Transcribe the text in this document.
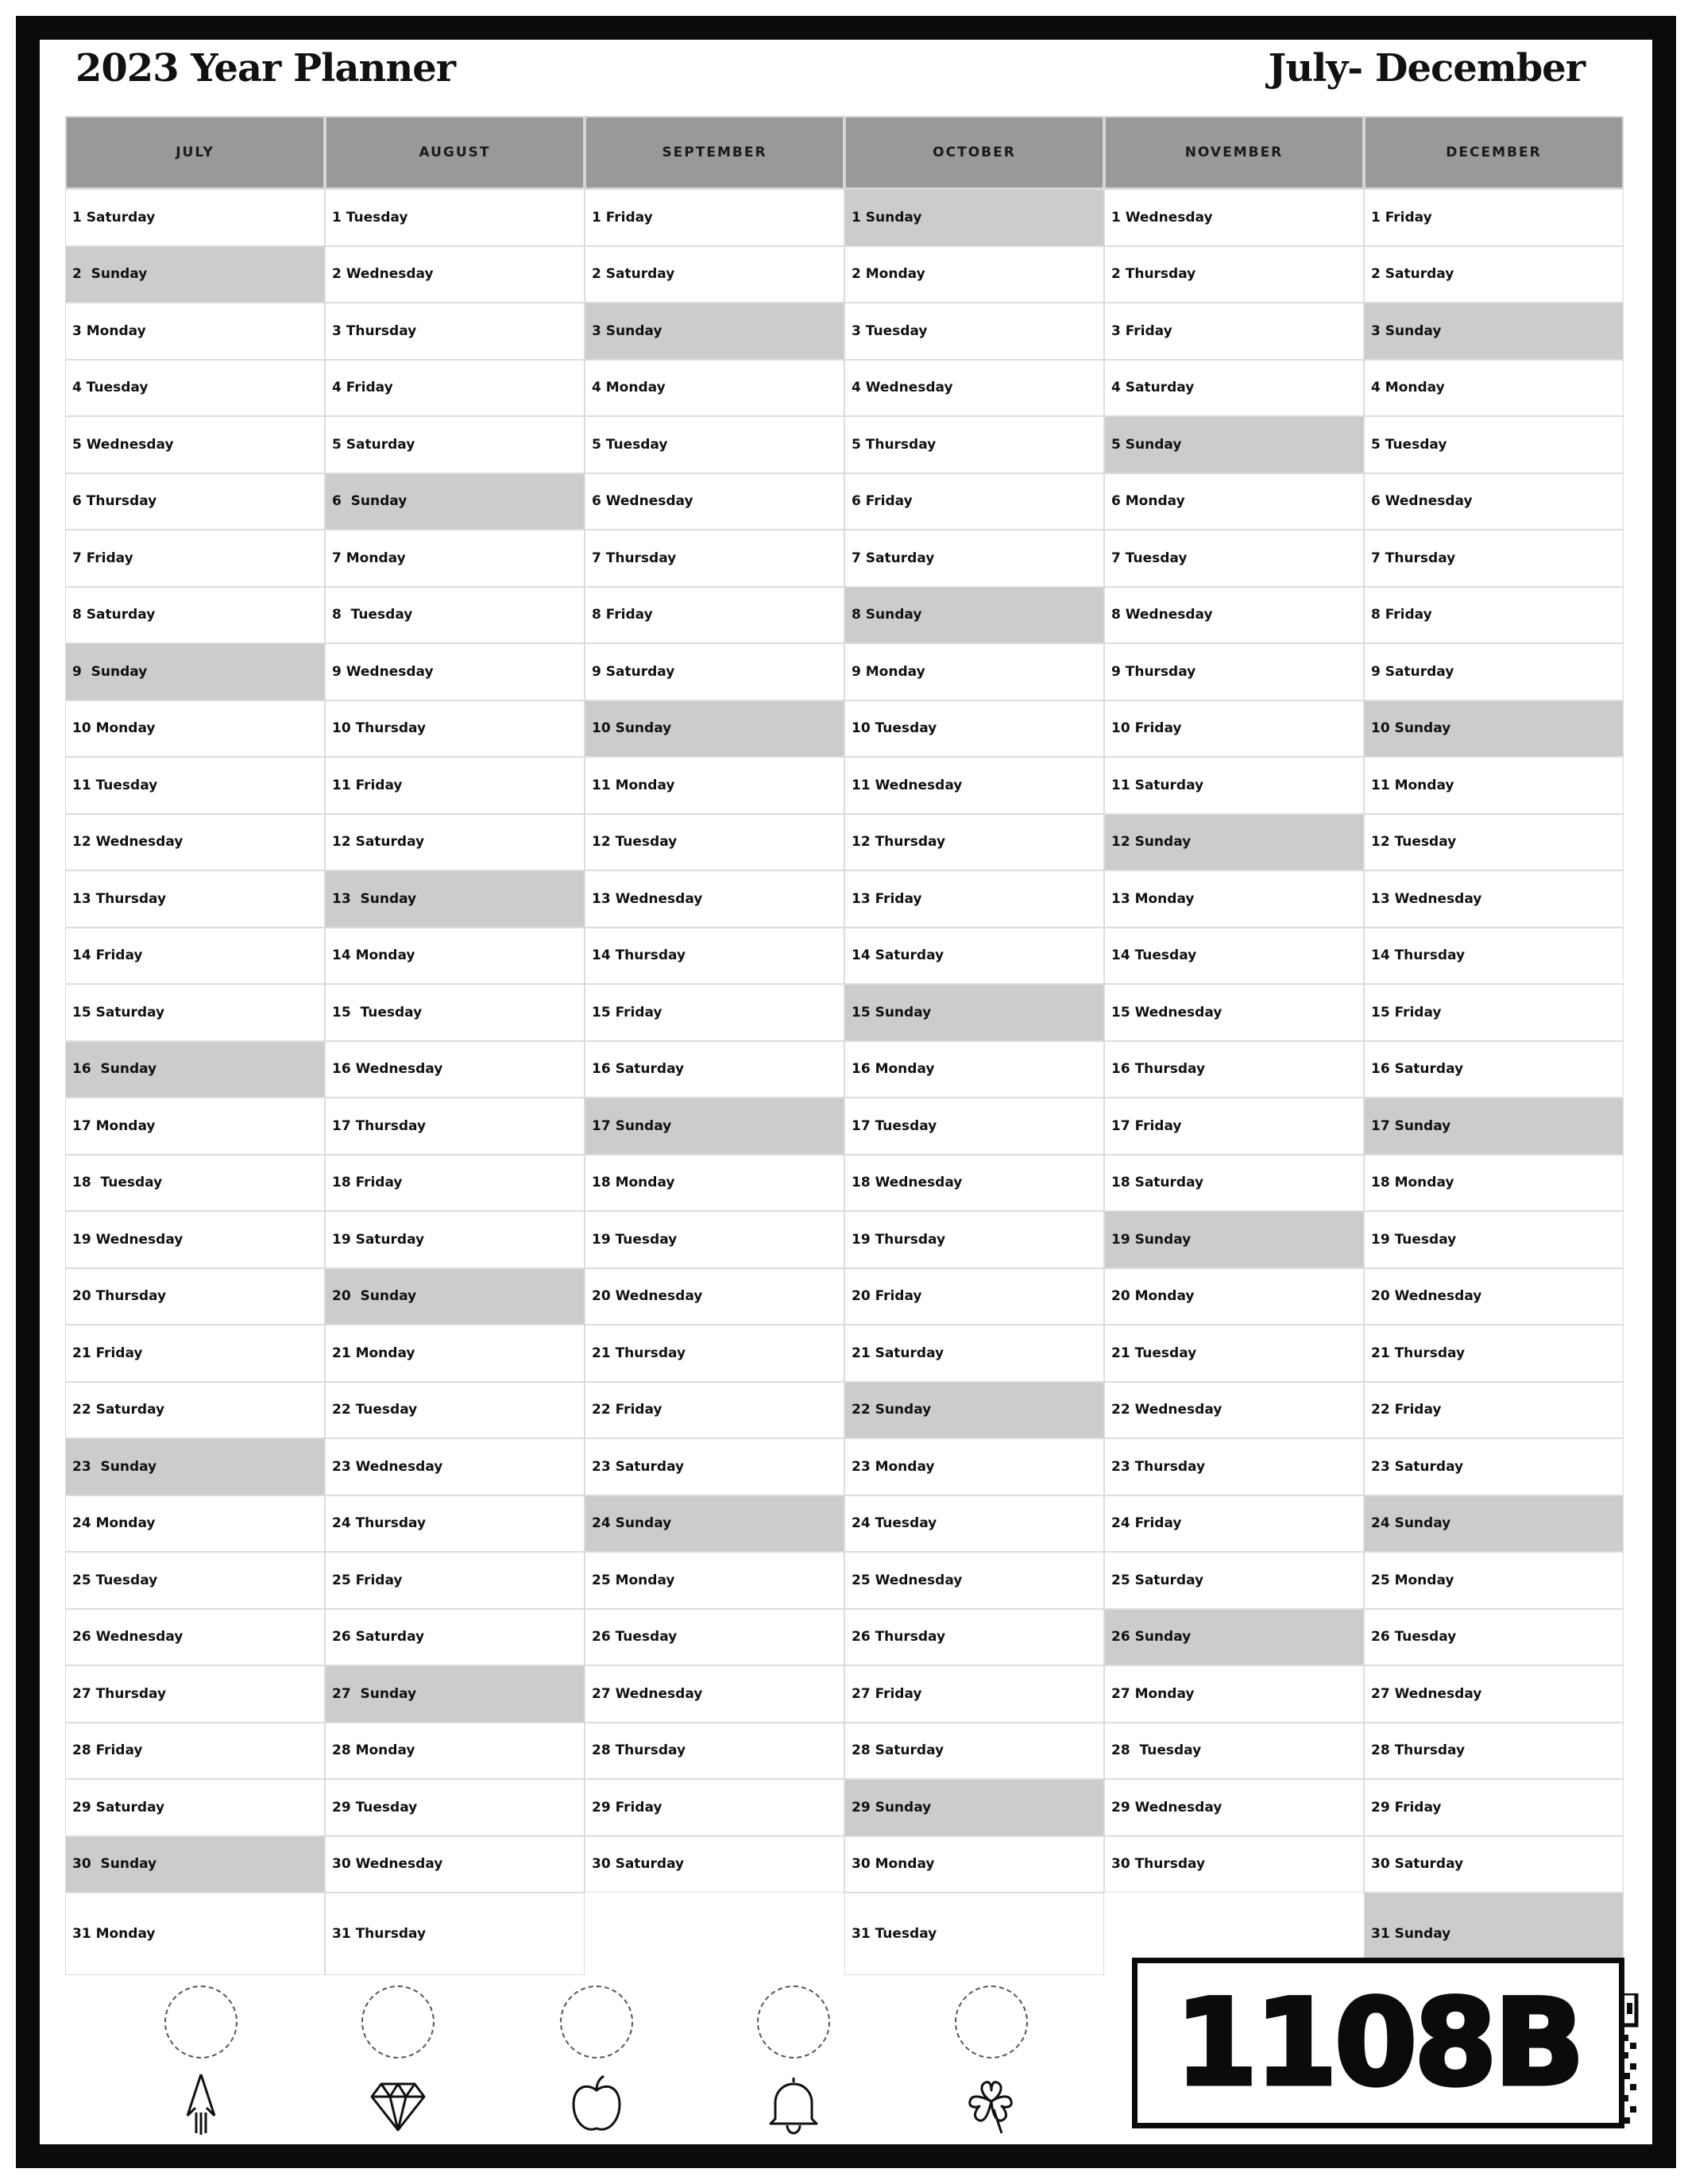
2023 Year Planner	July- December
JULY
1 Saturday
2  Sunday
3 Monday
4 Tuesday
5 Wednesday
6 Thursday
7 Friday
8 Saturday
9  Sunday
10 Monday
11 Tuesday
12 Wednesday
13 Thursday
14 Friday
15 Saturday
16  Sunday
17 Monday
18  Tuesday
19 Wednesday
20 Thursday
21 Friday
22 Saturday
23  Sunday
24 Monday
25 Tuesday
26 Wednesday
27 Thursday
28 Friday
29 Saturday
30  Sunday
31 Monday
AUGUST
1 Tuesday
2 Wednesday
3 Thursday
4 Friday
5 Saturday
6  Sunday
7 Monday
8  Tuesday
9 Wednesday
10 Thursday
11 Friday
12 Saturday
13  Sunday
14 Monday
15  Tuesday
16 Wednesday
17 Thursday
18 Friday
19 Saturday
20  Sunday
21 Monday
22 Tuesday
23 Wednesday
24 Thursday
25 Friday
26 Saturday
27  Sunday
28 Monday
29 Tuesday
30 Wednesday
31 Thursday
SEPTEMBER
1 Friday
2 Saturday
3 Sunday
4 Monday
5 Tuesday
6 Wednesday
7 Thursday
8 Friday
9 Saturday
10 Sunday
11 Monday
12 Tuesday
13 Wednesday
14 Thursday
15 Friday
16 Saturday
17 Sunday
18 Monday
19 Tuesday
20 Wednesday
21 Thursday
22 Friday
23 Saturday
24 Sunday
25 Monday
26 Tuesday
27 Wednesday
28 Thursday
29 Friday
30 Saturday
OCTOBER
1 Sunday
2 Monday
3 Tuesday
4 Wednesday
5 Thursday
6 Friday
7 Saturday
8 Sunday
9 Monday
10 Tuesday
11 Wednesday
12 Thursday
13 Friday
14 Saturday
15 Sunday
16 Monday
17 Tuesday
18 Wednesday
19 Thursday
20 Friday
21 Saturday
22 Sunday
23 Monday
24 Tuesday
25 Wednesday
26 Thursday
27 Friday
28 Saturday
29 Sunday
30 Monday
31 Tuesday
NOVEMBER
1 Wednesday
2 Thursday
3 Friday
4 Saturday
5 Sunday
6 Monday
7 Tuesday
8 Wednesday
9 Thursday
10 Friday
11 Saturday
12 Sunday
13 Monday
14 Tuesday
15 Wednesday
16 Thursday
17 Friday
18 Saturday
19 Sunday
20 Monday
21 Tuesday
22 Wednesday
23 Thursday
24 Friday
25 Saturday
26 Sunday
27 Monday
28  Tuesday
29 Wednesday
30 Thursday
DECEMBER
1 Friday
2 Saturday
3 Sunday
4 Monday
5 Tuesday
6 Wednesday
7 Thursday
8 Friday
9 Saturday
10 Sunday
11 Monday
12 Tuesday
13 Wednesday
14 Thursday
15 Friday
16 Saturday
17 Sunday
18 Monday
19 Tuesday
20 Wednesday
21 Thursday
22 Friday
23 Saturday
24 Sunday
25 Monday
26 Tuesday
27 Wednesday
28 Thursday
29 Friday
30 Saturday
31 Sunday
1108B
